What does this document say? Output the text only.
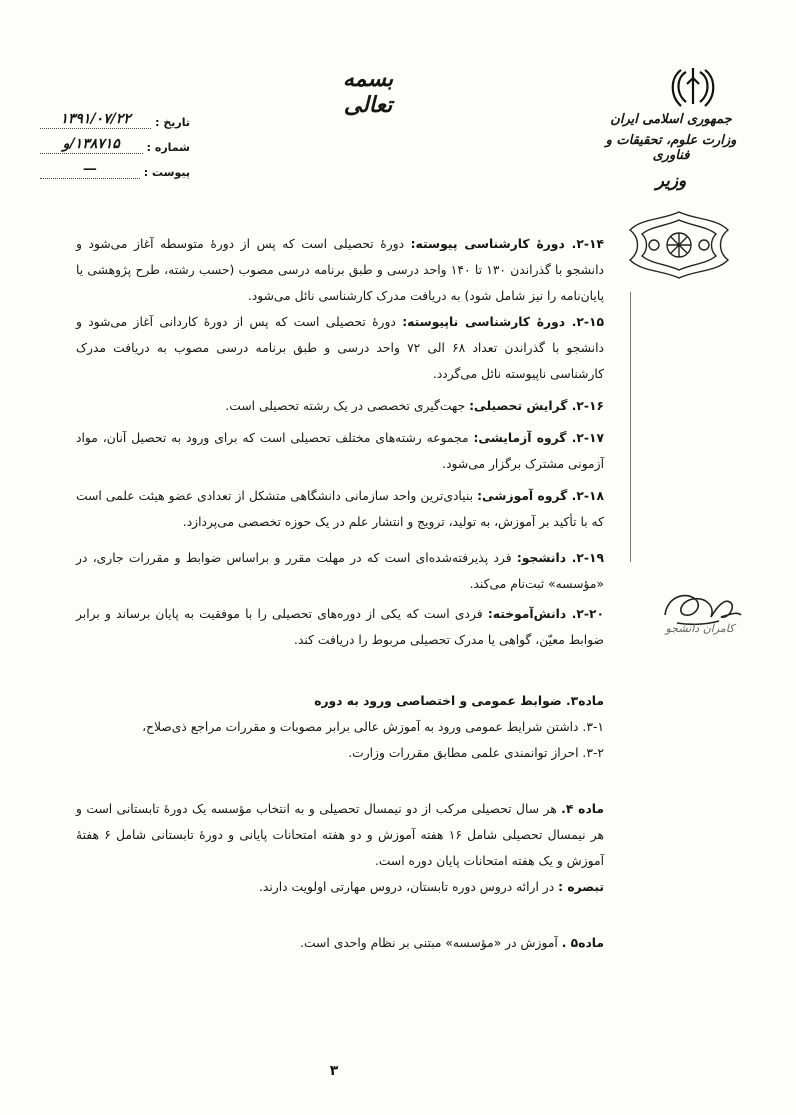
بسمه تعالی
جمهوری اسلامی ایران
وزارت علوم، تحقیقات و فناوری
وزیر
تاریخ :
۱۳۹۱/۰۷/۲۲
شماره :
۱۳۸۷۱۵/و
پیوست :
—
کامران دانشجو

۲-۱۴. دورهٔ کارشناسی پیوسته: دورهٔ تحصیلی است که پس از دورهٔ متوسطه آغاز می‌شود و دانشجو با گذراندن ۱۳۰ تا ۱۴۰ واحد درسی و طبق برنامه درسی مصوب (حسب رشته، طرح پژوهشی یا پایان‌نامه را نیز شامل شود) به دریافت مدرک کارشناسی نائل می‌شود.

۲-۱۵. دورهٔ کارشناسی ناپیوسته: دورهٔ تحصیلی است که پس از دورهٔ کاردانی آغاز می‌شود و دانشجو با گذراندن تعداد ۶۸ الی ۷۲ واحد درسی و طبق برنامه درسی مصوب به دریافت مدرک کارشناسی ناپیوسته نائل می‌گردد.

۲-۱۶. گرایش تحصیلی: جهت‌گیری تخصصی در یک رشته تحصیلی است.

۲-۱۷. گروه آزمایشی: مجموعه رشته‌های مختلف تحصیلی است که برای ورود به تحصیل آنان، مواد آزمونی مشترک برگزار می‌شود.

۲-۱۸. گروه آموزشی: بنیادی‌ترین واحد سازمانی دانشگاهی متشکل از تعدادی عضو هیئت علمی است که با تأکید بر آموزش، به تولید، ترویج و انتشار علم در یک حوزه تخصصی می‌پردازد.

۲-۱۹. دانشجو: فرد پذیرفته‌شده‌ای است که در مهلت مقرر و براساس ضوابط و مقررات جاری، در «مؤسسه» ثبت‌نام می‌کند.

۲-۲۰. دانش‌آموخته: فردی است که یکی از دوره‌های تحصیلی را با موفقیت به پایان برساند و برابر ضوابط معیّن، گواهی یا مدرک تحصیلی مربوط را دریافت کند.

ماده۳. ضوابط عمومی و اختصاصی ورود به دوره

۳-۱. داشتن شرایط عمومی ورود به آموزش عالی برابر مصوبات و مقررات مراجع ذی‌صلاح،

۳-۲. احراز توانمندی علمی مطابق مقررات وزارت.

ماده ۴. هر سال تحصیلی مرکب از دو نیمسال تحصیلی و به انتخاب مؤسسه یک دورهٔ تابستانی است و هر نیمسال تحصیلی شامل ۱۶ هفته آموزش و دو هفته امتحانات پایانی و دورهٔ تابستانی شامل ۶ هفتهٔ آموزش و یک هفته امتحانات پایان دوره است.

تبصره : در ارائه دروس دوره تابستان، دروس مهارتی اولویت دارند.

ماده۵ . آموزش در «مؤسسه» مبتنی بر نظام واحدی است.

۳
